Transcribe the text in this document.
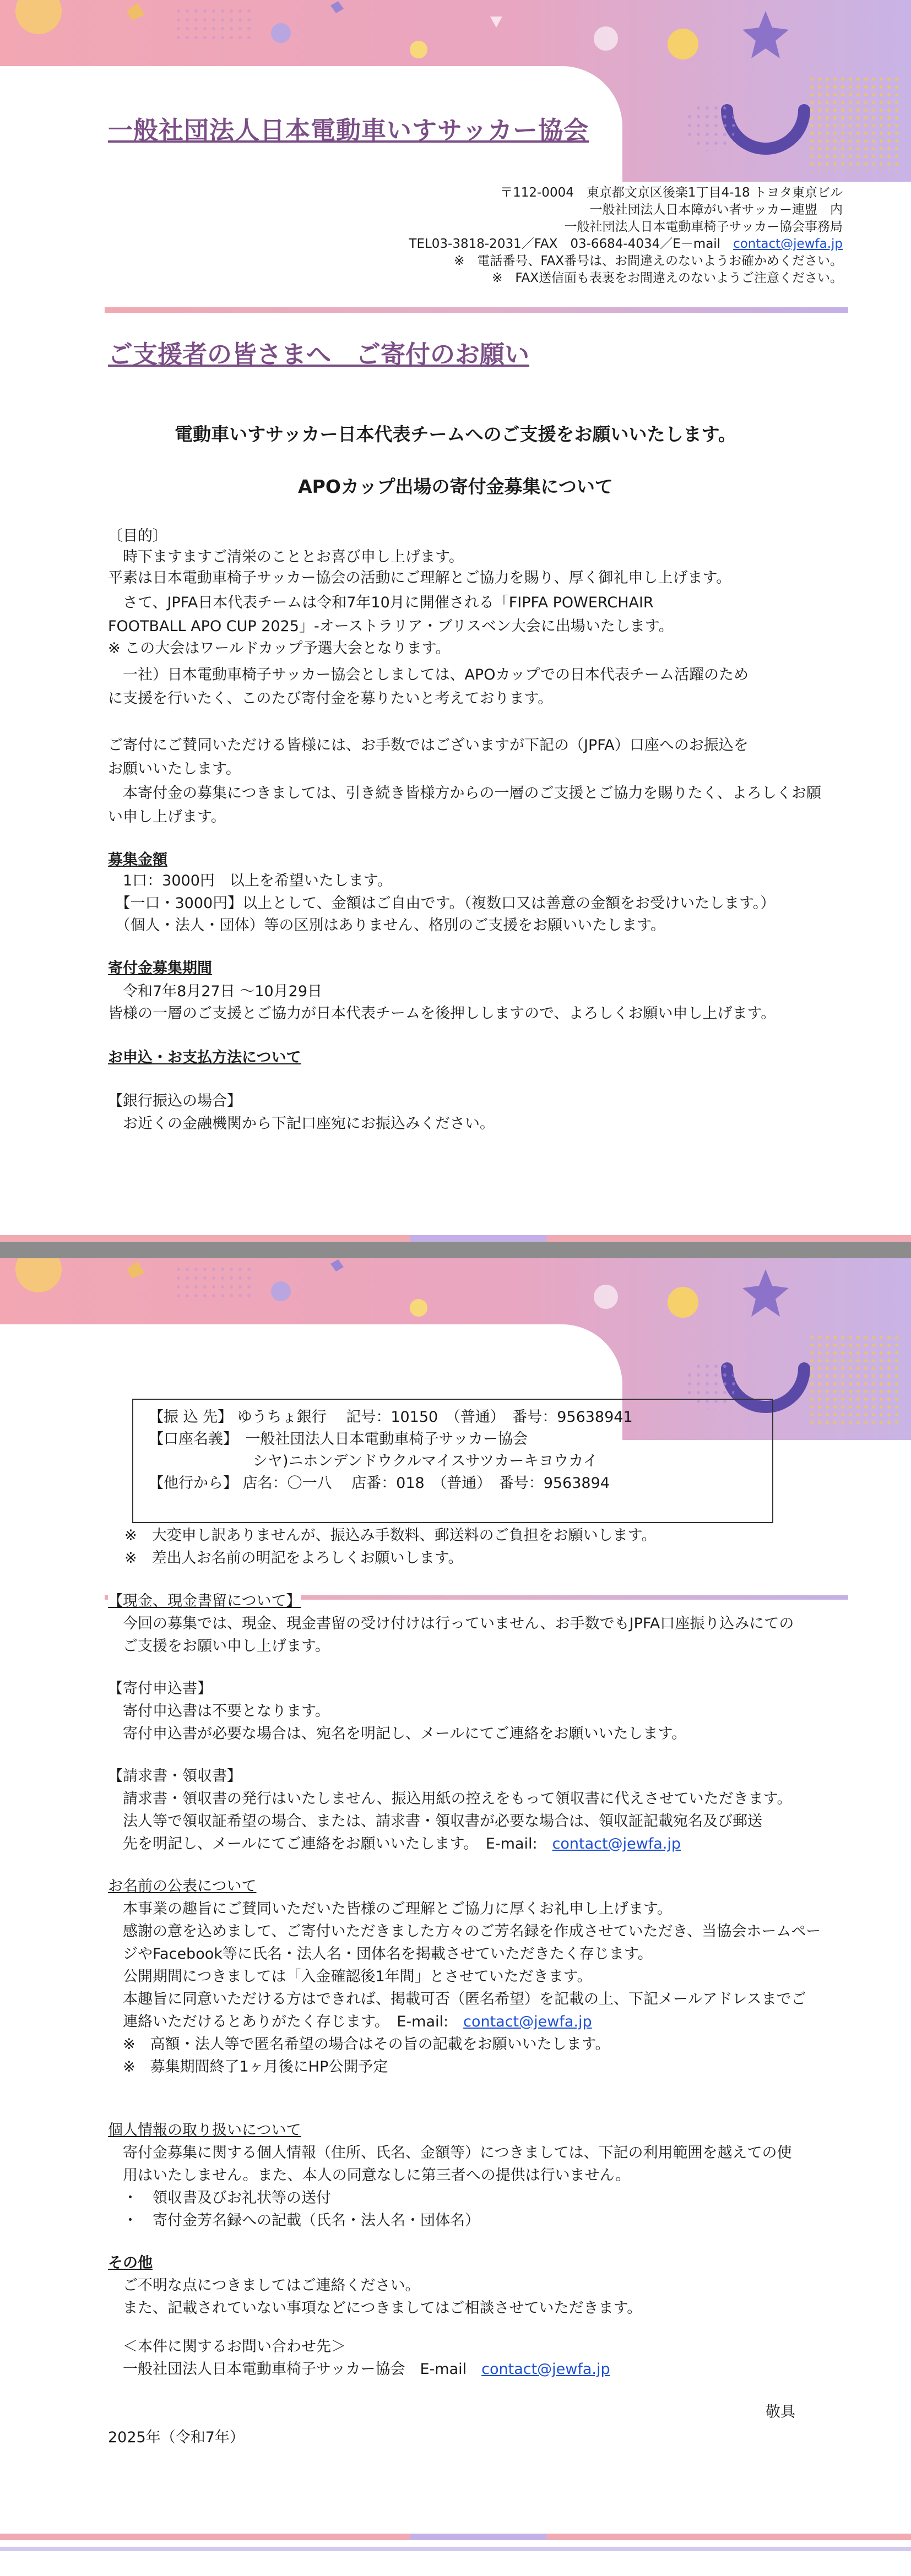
一般社団法人日本電動車いすサッカー協会
〒112-0004　東京都文京区後楽1丁目4-18 トヨタ東京ビル
一般社団法人日本障がい者サッカー連盟　内
一般社団法人日本電動車椅子サッカー協会事務局
TEL03-3818-2031／FAX　03-6684-4034／E－mail　 contact@jewfa.jp
※　電話番号、FAX番号は、お間違えのないようお確かめください。
※　FAX送信面も表裏をお間違えのないようご注意ください。
ご支援者の皆さまへ　ご寄付のお願い
電動車いすサッカー日本代表チームへのご支援をお願いいたします。
APOカップ出場の寄付金募集について
〔目的〕
　時下ますますご清栄のこととお喜び申し上げます。
平素は日本電動車椅子サッカー協会の活動にご理解とご協力を賜り、厚く御礼申し上げます。
　さて、JPFA日本代表チームは令和7年10月に開催される「FIPFA POWERCHAIR
FOOTBALL APO CUP 2025」-オーストラリア・ブリスベン大会に出場いたします。
※ この大会はワールドカップ予選大会となります。
　一社）日本電動車椅子サッカー協会としましては、APOカップでの日本代表チーム活躍のため
に支援を行いたく、このたび寄付金を募りたいと考えております。
ご寄付にご賛同いただける皆様には、お手数ではございますが下記の（JPFA）口座へのお振込を
お願いいたします。
　本寄付金の募集につきましては、引き続き皆様方からの一層のご支援とご協力を賜りたく、よろしくお願
い申し上げます。
募集金額
　1口：3000円　以上を希望いたします。
　【一口・3000円】以上として、金額はご自由です。（複数口又は善意の金額をお受けいたします。）
　（個人・法人・団体）等の区別はありません、格別のご支援をお願いいたします。
寄付金募集期間
　令和7年8月27日 ～10月29日
皆様の一層のご支援とご協力が日本代表チームを後押ししますので、よろしくお願い申し上げます。
お申込・お支払方法について
【銀行振込の場合】
　お近くの金融機関から下記口座宛にお振込みください。
【振 込 先】 ゆうちょ銀行　 記号：10150　（普通）　番号：95638941
【口座名義】　一般社団法人日本電動車椅子サッカー協会
　　　　　　　シヤ)ニホンデンドウクルマイスサツカーキヨウカイ
【他行から】 店名：〇一八　 店番：018　（普通）　番号：9563894
※　大変申し訳ありませんが、振込み手数料、郵送料のご負担をお願いします。
※　差出人お名前の明記をよろしくお願いします。
【現金、現金書留について】
　今回の募集では、現金、現金書留の受け付けは行っていません、お手数でもJPFA口座振り込みにての
　ご支援をお願い申し上げます。
【寄付申込書】
　寄付申込書は不要となります。
　寄付申込書が必要な場合は、宛名を明記し、メールにてご連絡をお願いいたします。
【請求書・領収書】
　請求書・領収書の発行はいたしません、振込用紙の控えをもって領収書に代えさせていただきます。
　法人等で領収証希望の場合、または、請求書・領収書が必要な場合は、領収証記載宛名及び郵送
　先を明記し、メールにてご連絡をお願いいたします。　E-mail:　 contact@jewfa.jp
お名前の公表について
　本事業の趣旨にご賛同いただいた皆様のご理解とご協力に厚くお礼申し上げます。
　感謝の意を込めまして、ご寄付いただきました方々のご芳名録を作成させていただき、当協会ホームペー
　ジやFacebook等に氏名・法人名・団体名を掲載させていただきたく存じます。
　公開期間につきましては「入金確認後1年間」とさせていただきます。
　本趣旨に同意いただける方はできれば、掲載可否（匿名希望）を記載の上、下記メールアドレスまでご
　連絡いただけるとありがたく存じます。　E-mail:　 contact@jewfa.jp
　※　高額・法人等で匿名希望の場合はその旨の記載をお願いいたします。
　※　募集期間終了1ヶ月後にHP公開予定
個人情報の取り扱いについて
　寄付金募集に関する個人情報（住所、氏名、金額等）につきましては、下記の利用範囲を越えての使
　用はいたしません。また、本人の同意なしに第三者への提供は行いません。
　・　領収書及びお礼状等の送付
　・　寄付金芳名録への記載（氏名・法人名・団体名）
その他
　ご不明な点につきましてはご連絡ください。
　また、記載されていない事項などにつきましてはご相談させていただきます。
　＜本件に関するお問い合わせ先＞
　一般社団法人日本電動車椅子サッカー協会　E-mail　 contact@jewfa.jp
敬具
2025年（令和7年）
